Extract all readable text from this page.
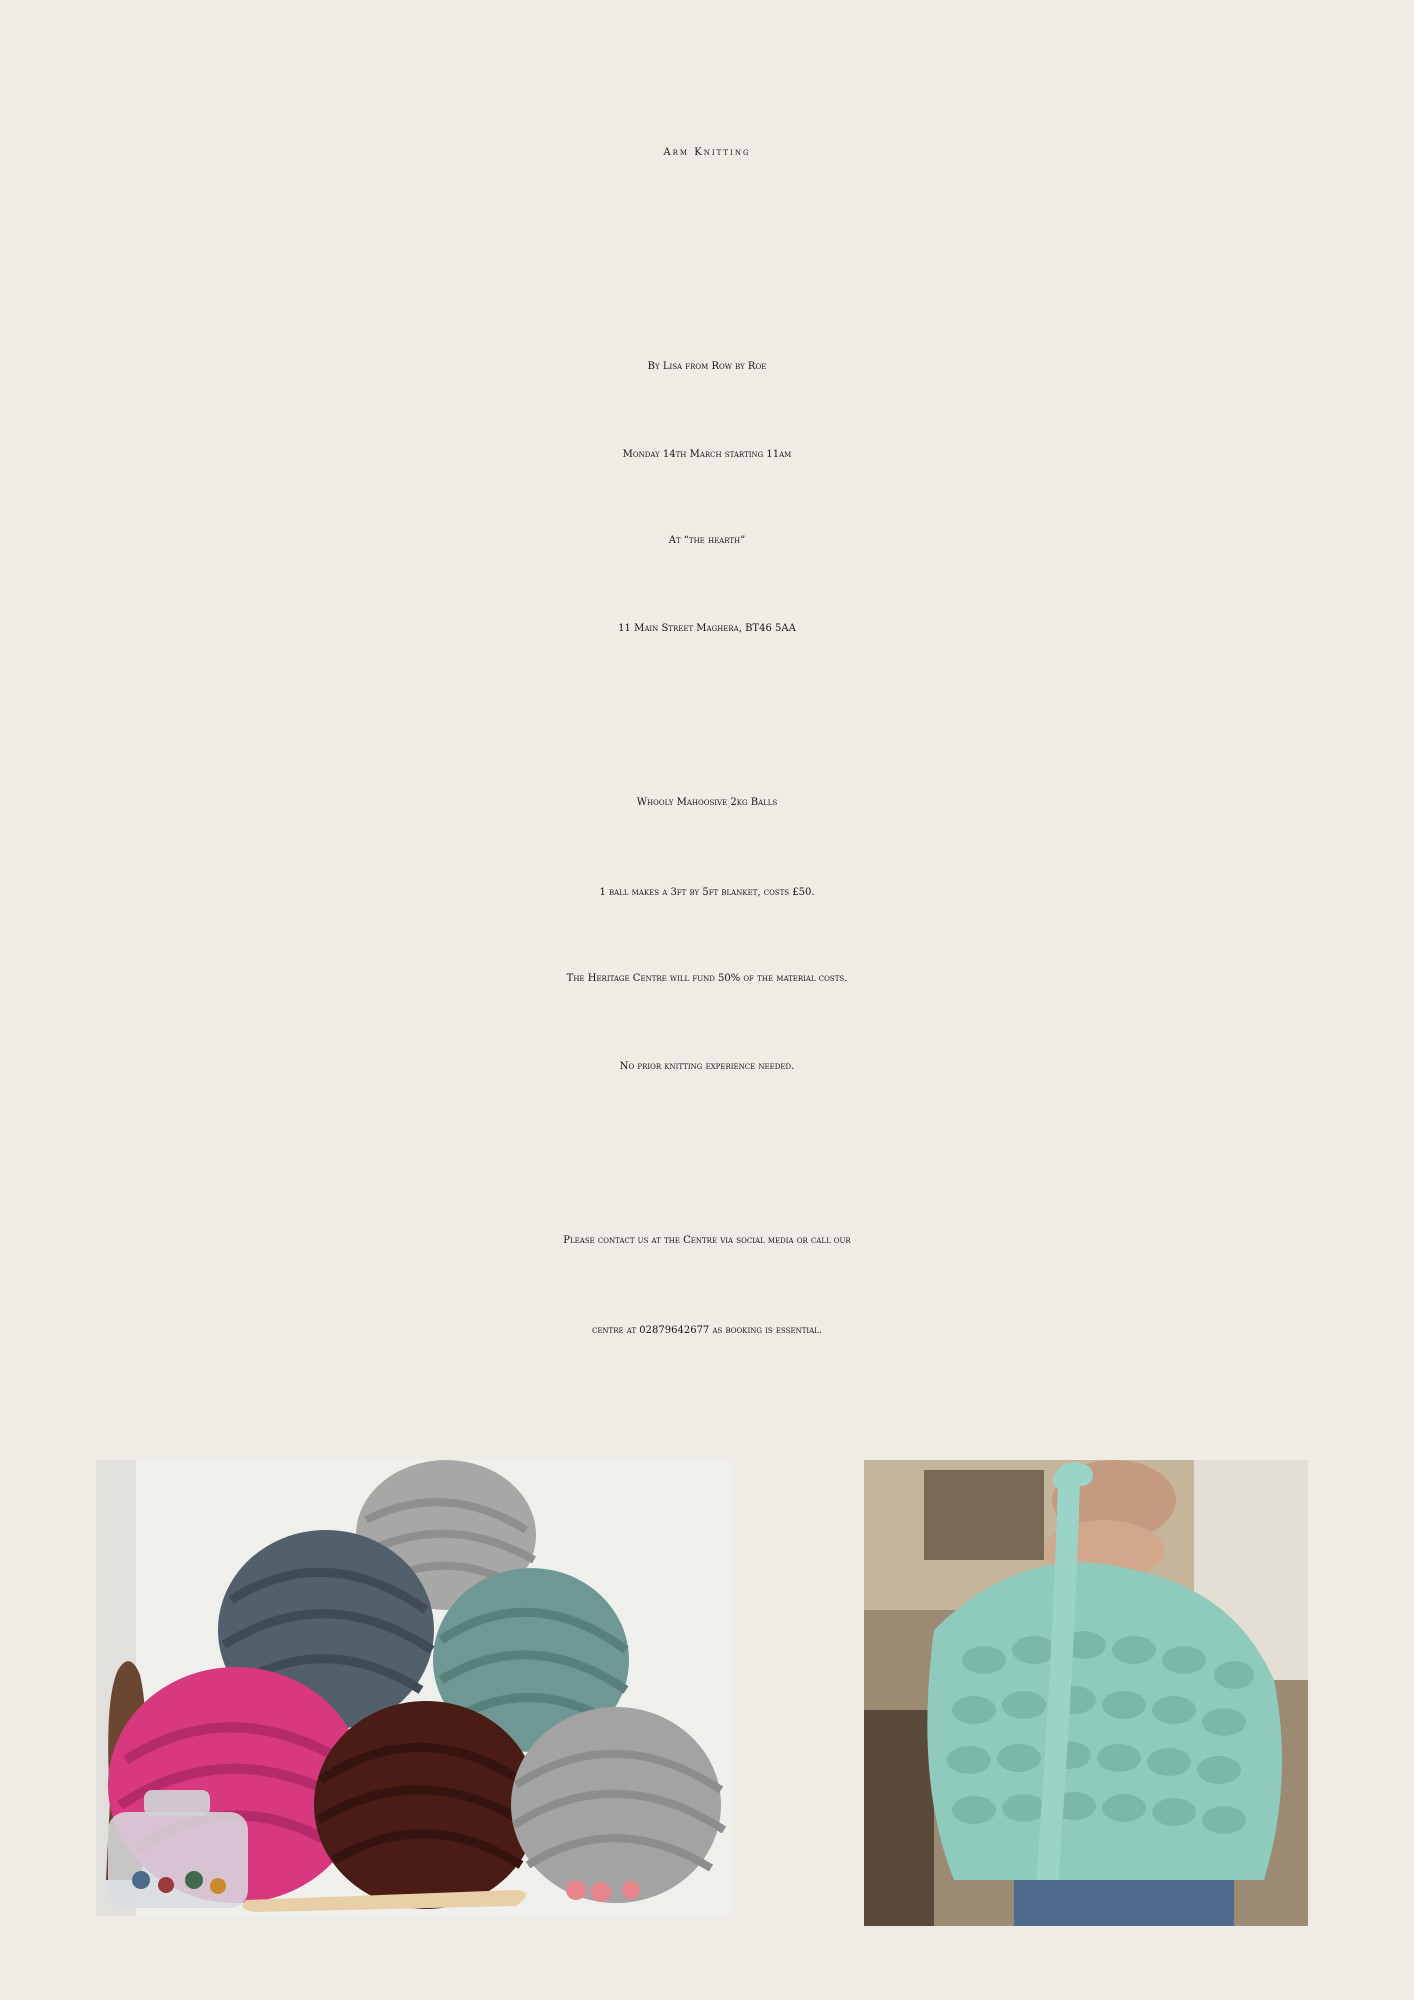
Arm Knitting
By Lisa from Row by Roe
Monday 14th March starting 11am
At “the hearth”
11 Main Street Maghera, BT46 5AA
Whooly Mahoosive 2kg Balls
1 ball makes a 3ft by 5ft blanket, costs £50.
The Heritage Centre will fund 50% of the material costs.
No prior knitting experience needed.
Please contact us at the Centre via social media or call our
centre at 02879642677 as booking is essential.
